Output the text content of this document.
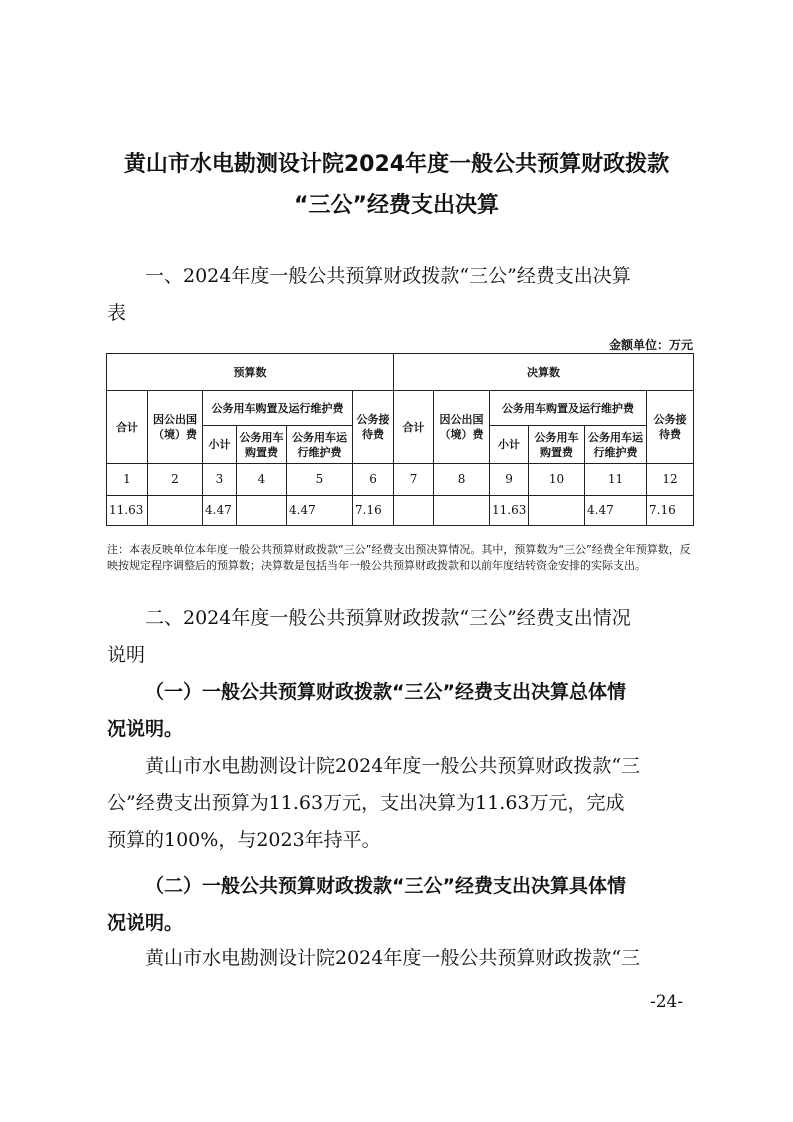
黄山市水电勘测设计院2024年度一般公共预算财政拨款
“三公”经费支出决算
一、2024年度一般公共预算财政拨款“三公”经费支出决算
表
金额单位：万元
预算数						决算数					
合计	因公出国（境）费	公务用车购置及运行维护费			公务接待费	合计	因公出国（境）费	公务用车购置及运行维护费			公务接待费
		小计	公务用车购置费	公务用车运行维护费				小计	公务用车购置费	公务用车运行维护费	
1	2	3	4	5	6	7	8	9	10	11	12
11.63		4.47		4.47	7.16			11.63		4.47	7.16
注：本表反映单位本年度一般公共预算财政拨款“三公”经费支出预决算情况。其中，预算数为“三公”经费全年预算数，反映按规定程序调整后的预算数；决算数是包括当年一般公共预算财政拨款和以前年度结转资金安排的实际支出。
二、2024年度一般公共预算财政拨款“三公”经费支出情况
说明
（一）一般公共预算财政拨款“三公”经费支出决算总体情
况说明。
黄山市水电勘测设计院2024年度一般公共预算财政拨款“三
公”经费支出预算为11.63万元，支出决算为11.63万元，完成
预算的100%，与2023年持平。
（二）一般公共预算财政拨款“三公”经费支出决算具体情
况说明。
黄山市水电勘测设计院2024年度一般公共预算财政拨款“三
-24-
